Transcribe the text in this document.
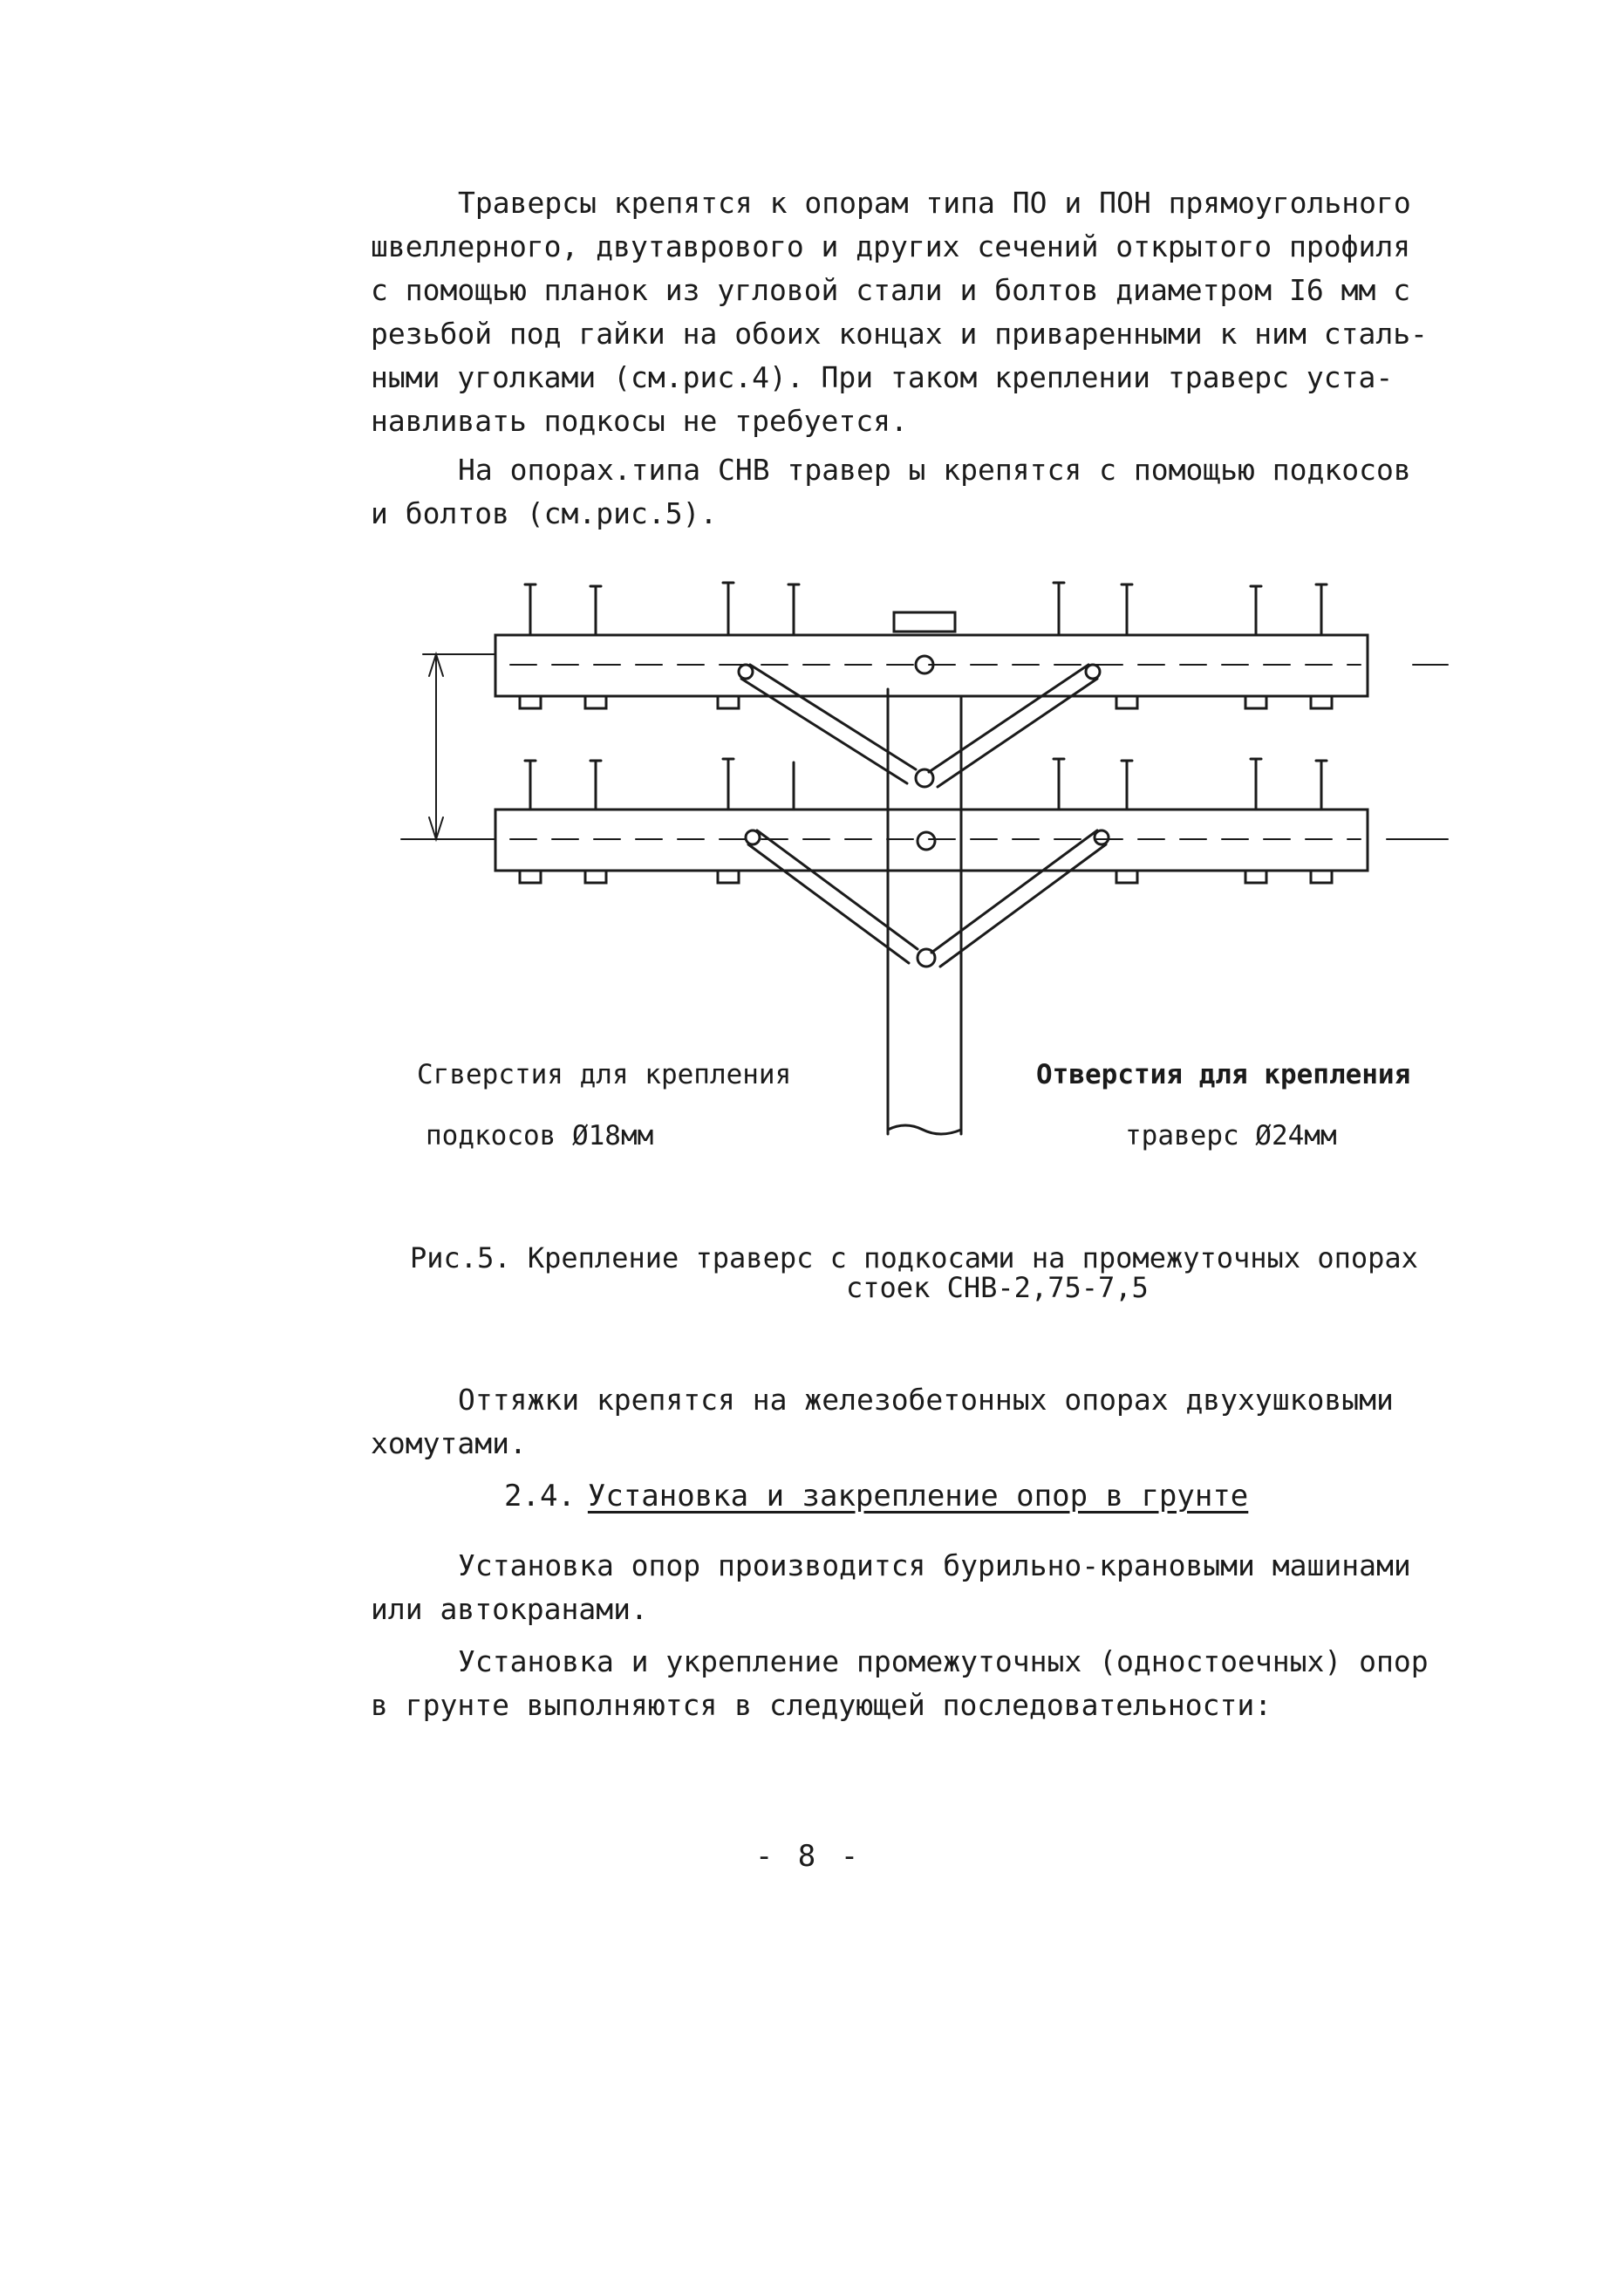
Траверсы крепятся к опорам типа ПО и ПОН прямоугольного
швеллерного, двутаврового и других сечений открытого профиля
с помощью планок из угловой стали и болтов диаметром I6 мм с
резьбой под гайки на обоих концах и приваренными к ним сталь-
ными уголками (см.рис.4). При таком креплении траверс уста-
навливать подкосы не требуется.
На опорах.типа СНВ травер ы крепятся с помощью подкосов
и болтов (см.рис.5).
Сгверстия для крепления
подкосов Ø18мм
Отверстия для крепления
траверс Ø24мм
Рис.5. Крепление траверс с подкосами на промежуточных опорах
стоек СНВ-2,75-7,5
Оттяжки крепятся на железобетонных опорах двухушковыми
хомутами.
2.4. Установка и закрепление опор в грунте
Установка опор производится бурильно-крановыми машинами
или автокранами.
Установка и укрепление промежуточных (одностоечных) опор
в грунте выполняются в следующей последовательности:
- 8 -
